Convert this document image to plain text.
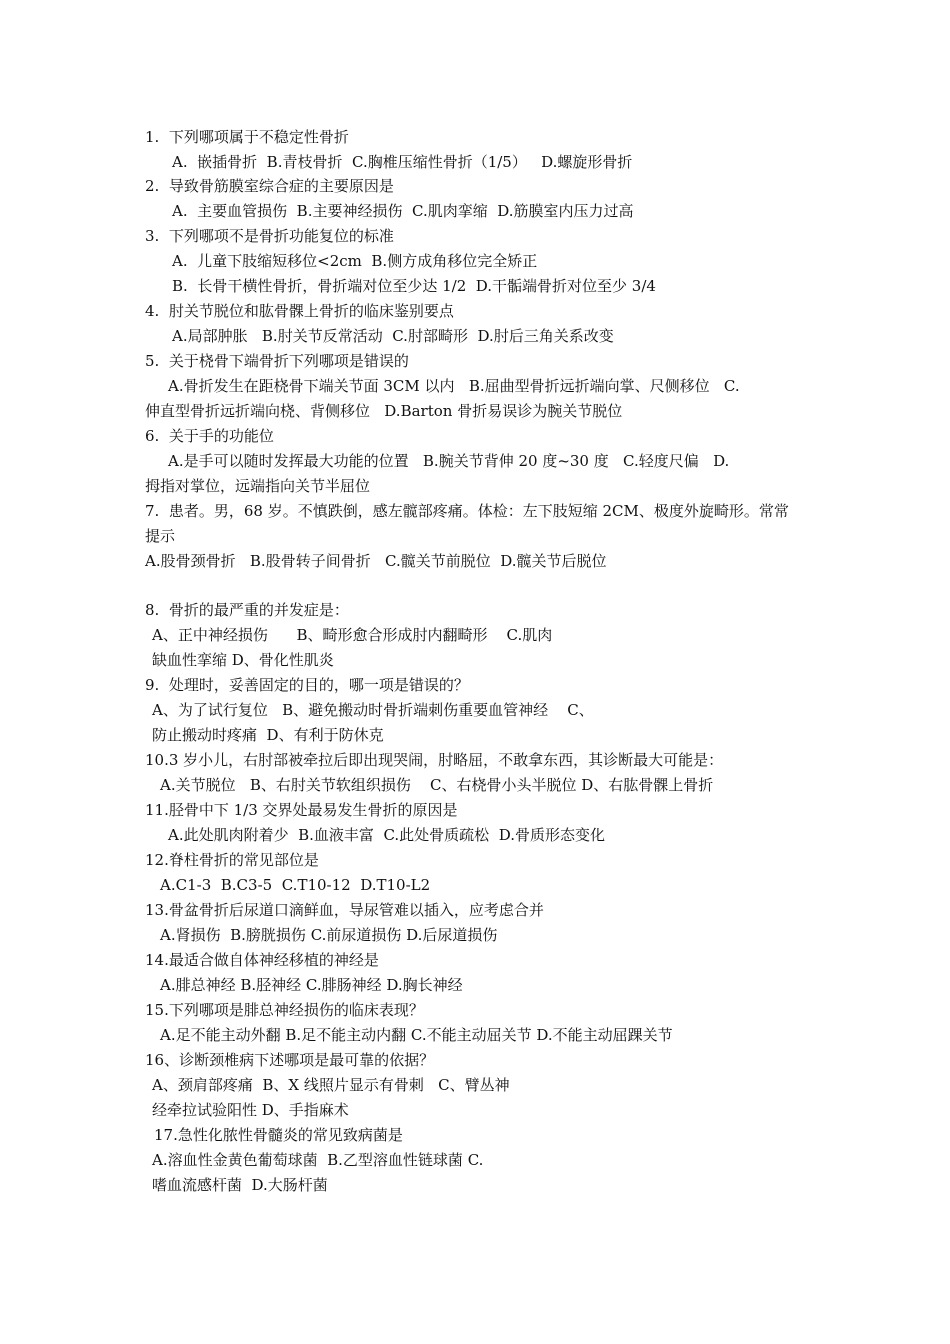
1.  下列哪项属于不稳定性骨折
A.  嵌插骨折  B.青枝骨折  C.胸椎压缩性骨折（1/5）   D.螺旋形骨折
2.  导致骨筋膜室综合症的主要原因是
A.  主要血管损伤  B.主要神经损伤  C.肌肉挛缩  D.筋膜室内压力过高
3.  下列哪项不是骨折功能复位的标准
A.  儿童下肢缩短移位<2cm  B.侧方成角移位完全矫正
B.  长骨干横性骨折，骨折端对位至少达 1/2  D.干骺端骨折对位至少 3/4
4.  肘关节脱位和肱骨髁上骨折的临床鉴别要点
A.局部肿胀   B.肘关节反常活动  C.肘部畸形  D.肘后三角关系改变
5.  关于桡骨下端骨折下列哪项是错误的
A.骨折发生在距桡骨下端关节面 3CM 以内   B.屈曲型骨折远折端向掌、尺侧移位   C.
伸直型骨折远折端向桡、背侧移位   D.Barton 骨折易误诊为腕关节脱位
6.  关于手的功能位
A.是手可以随时发挥最大功能的位置   B.腕关节背伸 20 度~30 度   C.轻度尺偏   D.
拇指对掌位，远端指向关节半屈位
7.  患者。男，68 岁。不慎跌倒，感左髋部疼痛。体检：左下肢短缩 2CM、极度外旋畸形。常常
提示
A.股骨颈骨折   B.股骨转子间骨折   C.髋关节前脱位  D.髋关节后脱位
8.  骨折的最严重的并发症是：
A、正中神经损伤      B、畸形愈合形成肘内翻畸形    C.肌肉
缺血性挛缩 D、骨化性肌炎
9.  处理时，妥善固定的目的，哪一项是错误的？
A、为了试行复位   B、避免搬动时骨折端刺伤重要血管神经    C、
防止搬动时疼痛  D、有利于防休克
10.3 岁小儿，右肘部被牵拉后即出现哭闹，肘略屈，不敢拿东西，其诊断最大可能是：
A.关节脱位   B、右肘关节软组织损伤    C、右桡骨小头半脱位 D、右肱骨髁上骨折
11.胫骨中下 1/3 交界处最易发生骨折的原因是
A.此处肌肉附着少  B.血液丰富  C.此处骨质疏松  D.骨质形态变化
12.脊柱骨折的常见部位是
A.C1-3  B.C3-5  C.T10-12  D.T10-L2
13.骨盆骨折后尿道口滴鲜血，导尿管难以插入，应考虑合并
A.肾损伤  B.膀胱损伤 C.前尿道损伤 D.后尿道损伤
14.最适合做自体神经移植的神经是
A.腓总神经 B.胫神经 C.腓肠神经 D.胸长神经
15.下列哪项是腓总神经损伤的临床表现？
A.足不能主动外翻 B.足不能主动内翻 C.不能主动屈关节 D.不能主动屈踝关节
16、诊断颈椎病下述哪项是最可靠的依据？
A、颈肩部疼痛  B、X 线照片显示有骨刺   C、臂丛神
经牵拉试验阳性 D、手指麻术
17.急性化脓性骨髓炎的常见致病菌是
A.溶血性金黄色葡萄球菌  B.乙型溶血性链球菌 C.
嗜血流感杆菌  D.大肠杆菌
